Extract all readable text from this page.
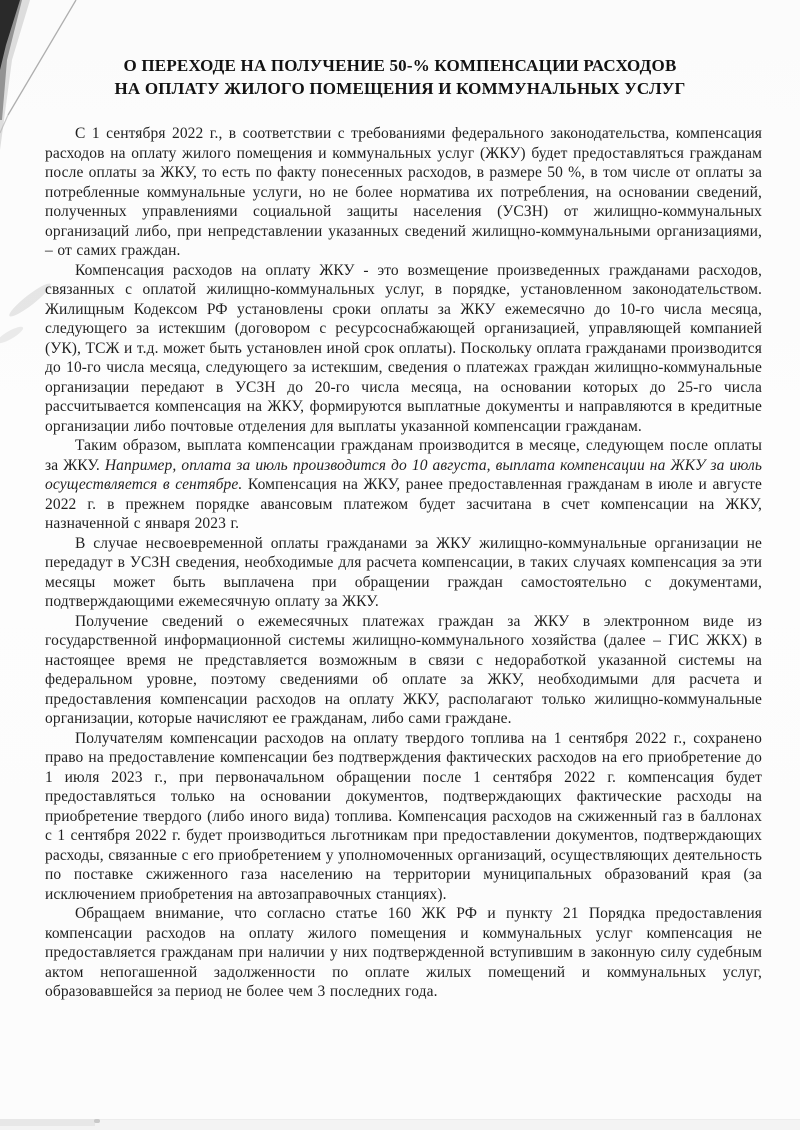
О ПЕРЕХОДЕ НА ПОЛУЧЕНИЕ 50-% КОМПЕНСАЦИИ РАСХОДОВ
НА ОПЛАТУ ЖИЛОГО ПОМЕЩЕНИЯ И КОММУНАЛЬНЫХ УСЛУГ

С 1 сентября 2022 г., в соответствии с требованиями федерального законодательства, компенсация расходов на оплату жилого помещения и коммунальных услуг (ЖКУ) будет предоставляться гражданам после оплаты за ЖКУ, то есть по факту понесенных расходов, в размере 50 %, в том числе от оплаты за потребленные коммунальные услуги, но не более норматива их потребления, на основании сведений, полученных управлениями социальной защиты населения (УСЗН) от жилищно-коммунальных организаций либо, при непредставлении указанных сведений жилищно-коммунальными организациями, – от самих граждан.

Компенсация расходов на оплату ЖКУ - это возмещение произведенных гражданами расходов, связанных с оплатой жилищно-коммунальных услуг, в порядке, установленном законодательством. Жилищным Кодексом РФ установлены сроки оплаты за ЖКУ ежемесячно до 10-го числа месяца, следующего за истекшим (договором с ресурсоснабжающей организацией, управляющей компанией (УК), ТСЖ и т.д. может быть установлен иной срок оплаты). Поскольку оплата гражданами производится до 10-го числа месяца, следующего за истекшим, сведения о платежах граждан жилищно-коммунальные организации передают в УСЗН до 20-го числа месяца, на основании которых до 25-го числа рассчитывается компенсация на ЖКУ, формируются выплатные документы и направляются в кредитные организации либо почтовые отделения для выплаты указанной компенсации гражданам.

Таким образом, выплата компенсации гражданам производится в месяце, следующем после оплаты за ЖКУ. Например, оплата за июль производится до 10 августа, выплата компенсации на ЖКУ за июль осуществляется в сентябре. Компенсация на ЖКУ, ранее предоставленная гражданам в июле и августе 2022 г. в прежнем порядке авансовым платежом будет засчитана в счет компенсации на ЖКУ, назначенной с января 2023 г.

В случае несвоевременной оплаты гражданами за ЖКУ жилищно-коммунальные организации не передадут в УСЗН сведения, необходимые для расчета компенсации, в таких случаях компенсация за эти месяцы может быть выплачена при обращении граждан самостоятельно с документами, подтверждающими ежемесячную оплату за ЖКУ.

Получение сведений о ежемесячных платежах граждан за ЖКУ в электронном виде из государственной информационной системы жилищно-коммунального хозяйства (далее – ГИС ЖКХ) в настоящее время не представляется возможным в связи с недоработкой указанной системы на федеральном уровне, поэтому сведениями об оплате за ЖКУ, необходимыми для расчета и предоставления компенсации расходов на оплату ЖКУ, располагают только жилищно-коммунальные организации, которые начисляют ее гражданам, либо сами граждане.

Получателям компенсации расходов на оплату твердого топлива на 1 сентября 2022 г., сохранено право на предоставление компенсации без подтверждения фактических расходов на его приобретение до 1 июля 2023 г., при первоначальном обращении после 1 сентября 2022 г. компенсация будет предоставляться только на основании документов, подтверждающих фактические расходы на приобретение твердого (либо иного вида) топлива. Компенсация расходов на сжиженный газ в баллонах с 1 сентября 2022 г. будет производиться льготникам при предоставлении документов, подтверждающих расходы, связанные с его приобретением у уполномоченных организаций, осуществляющих деятельность по поставке сжиженного газа населению на территории муниципальных образований края (за исключением приобретения на автозаправочных станциях).

Обращаем внимание, что согласно статье 160 ЖК РФ и пункту 21 Порядка предоставления компенсации расходов на оплату жилого помещения и коммунальных услуг компенсация не предоставляется гражданам при наличии у них подтвержденной вступившим в законную силу судебным актом непогашенной задолженности по оплате жилых помещений и коммунальных услуг, образовавшейся за период не более чем 3 последних года.
